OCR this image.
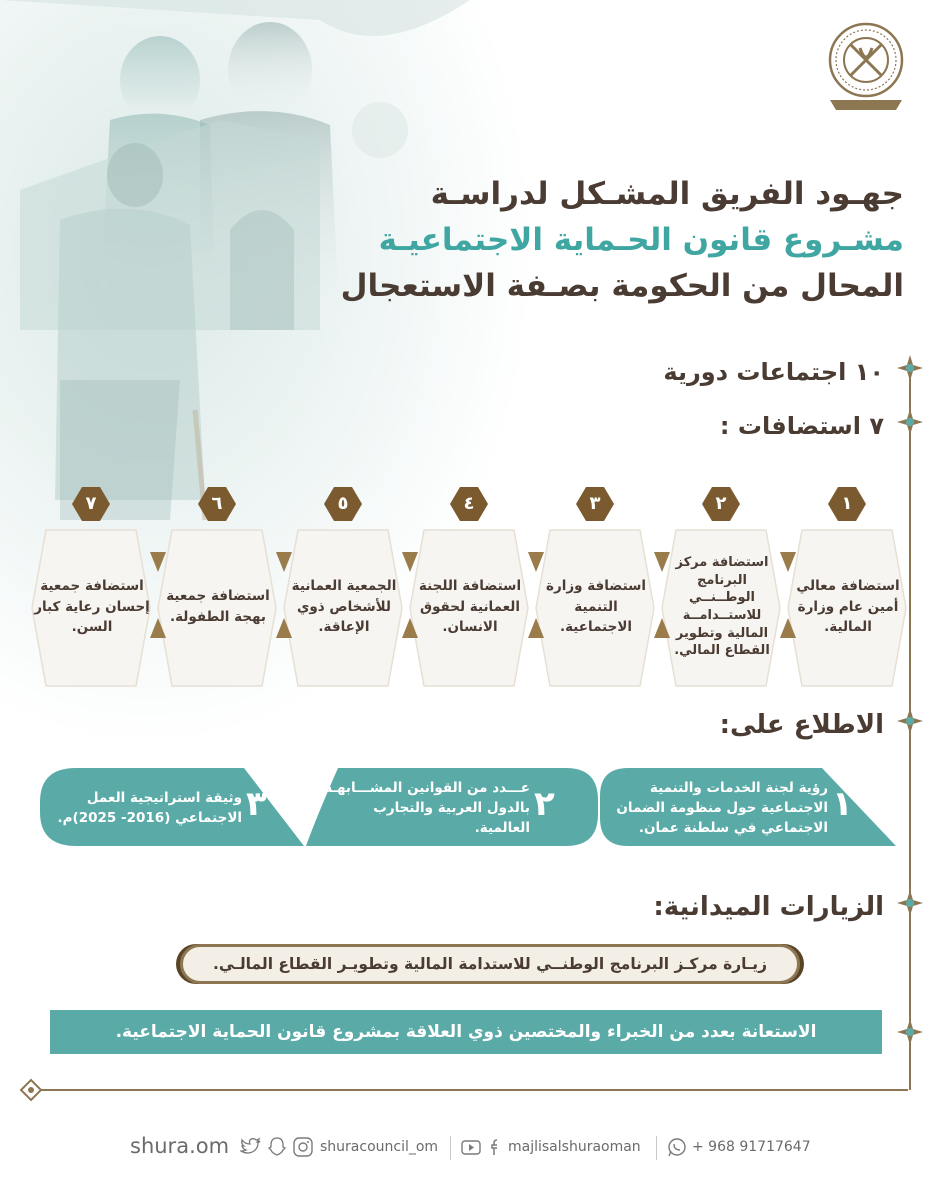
جهـود الفريق المشـكل لدراسـة
مشـروع قانون الحـماية الاجتماعيـة
المحال من الحكومة بصـفة الاستعجال
١٠ اجتماعات دورية
٧ استضافات :
استضافة معالي أمين عام وزارة المالية.
استضافة مركز البرنامج الوطــنــي للاستــدامــة المالية وتطوير القطاع المالي.
استضافة وزارة التنمية الاجتماعية.
استضافة اللجنة العمانية لحقوق الانسان.
الجمعية العمانية للأشخاص ذوي الإعاقة.
استضافة جمعية بهجة الطفولة.
استضافة جمعية إحسان رعاية كبار السن.
١
٢
٣
٤
٥
٦
٧
الاطلاع على:
١
رؤية لجنة الخدمات والتنمية الاجتماعية حول منظومة الضمان الاجتماعي في سلطنة عمان.
٢
عـــدد من القوانين المشـــابهـة بالدول العربية والتجارب العالمية.
٣
وثيقة استراتيجية العمل الاجتماعي (2016- 2025)م.
الزيارات الميدانية:
زيـارة مركـز البرنامج الوطنــي للاستدامة المالية وتطويـر القطاع المالـي.
الاستعانة بعدد من الخبراء والمختصين ذوي العلاقة بمشروع قانون الحماية الاجتماعية.
shura.om	shuracouncil_om	majlisalshuraoman	+ 968 91717647
